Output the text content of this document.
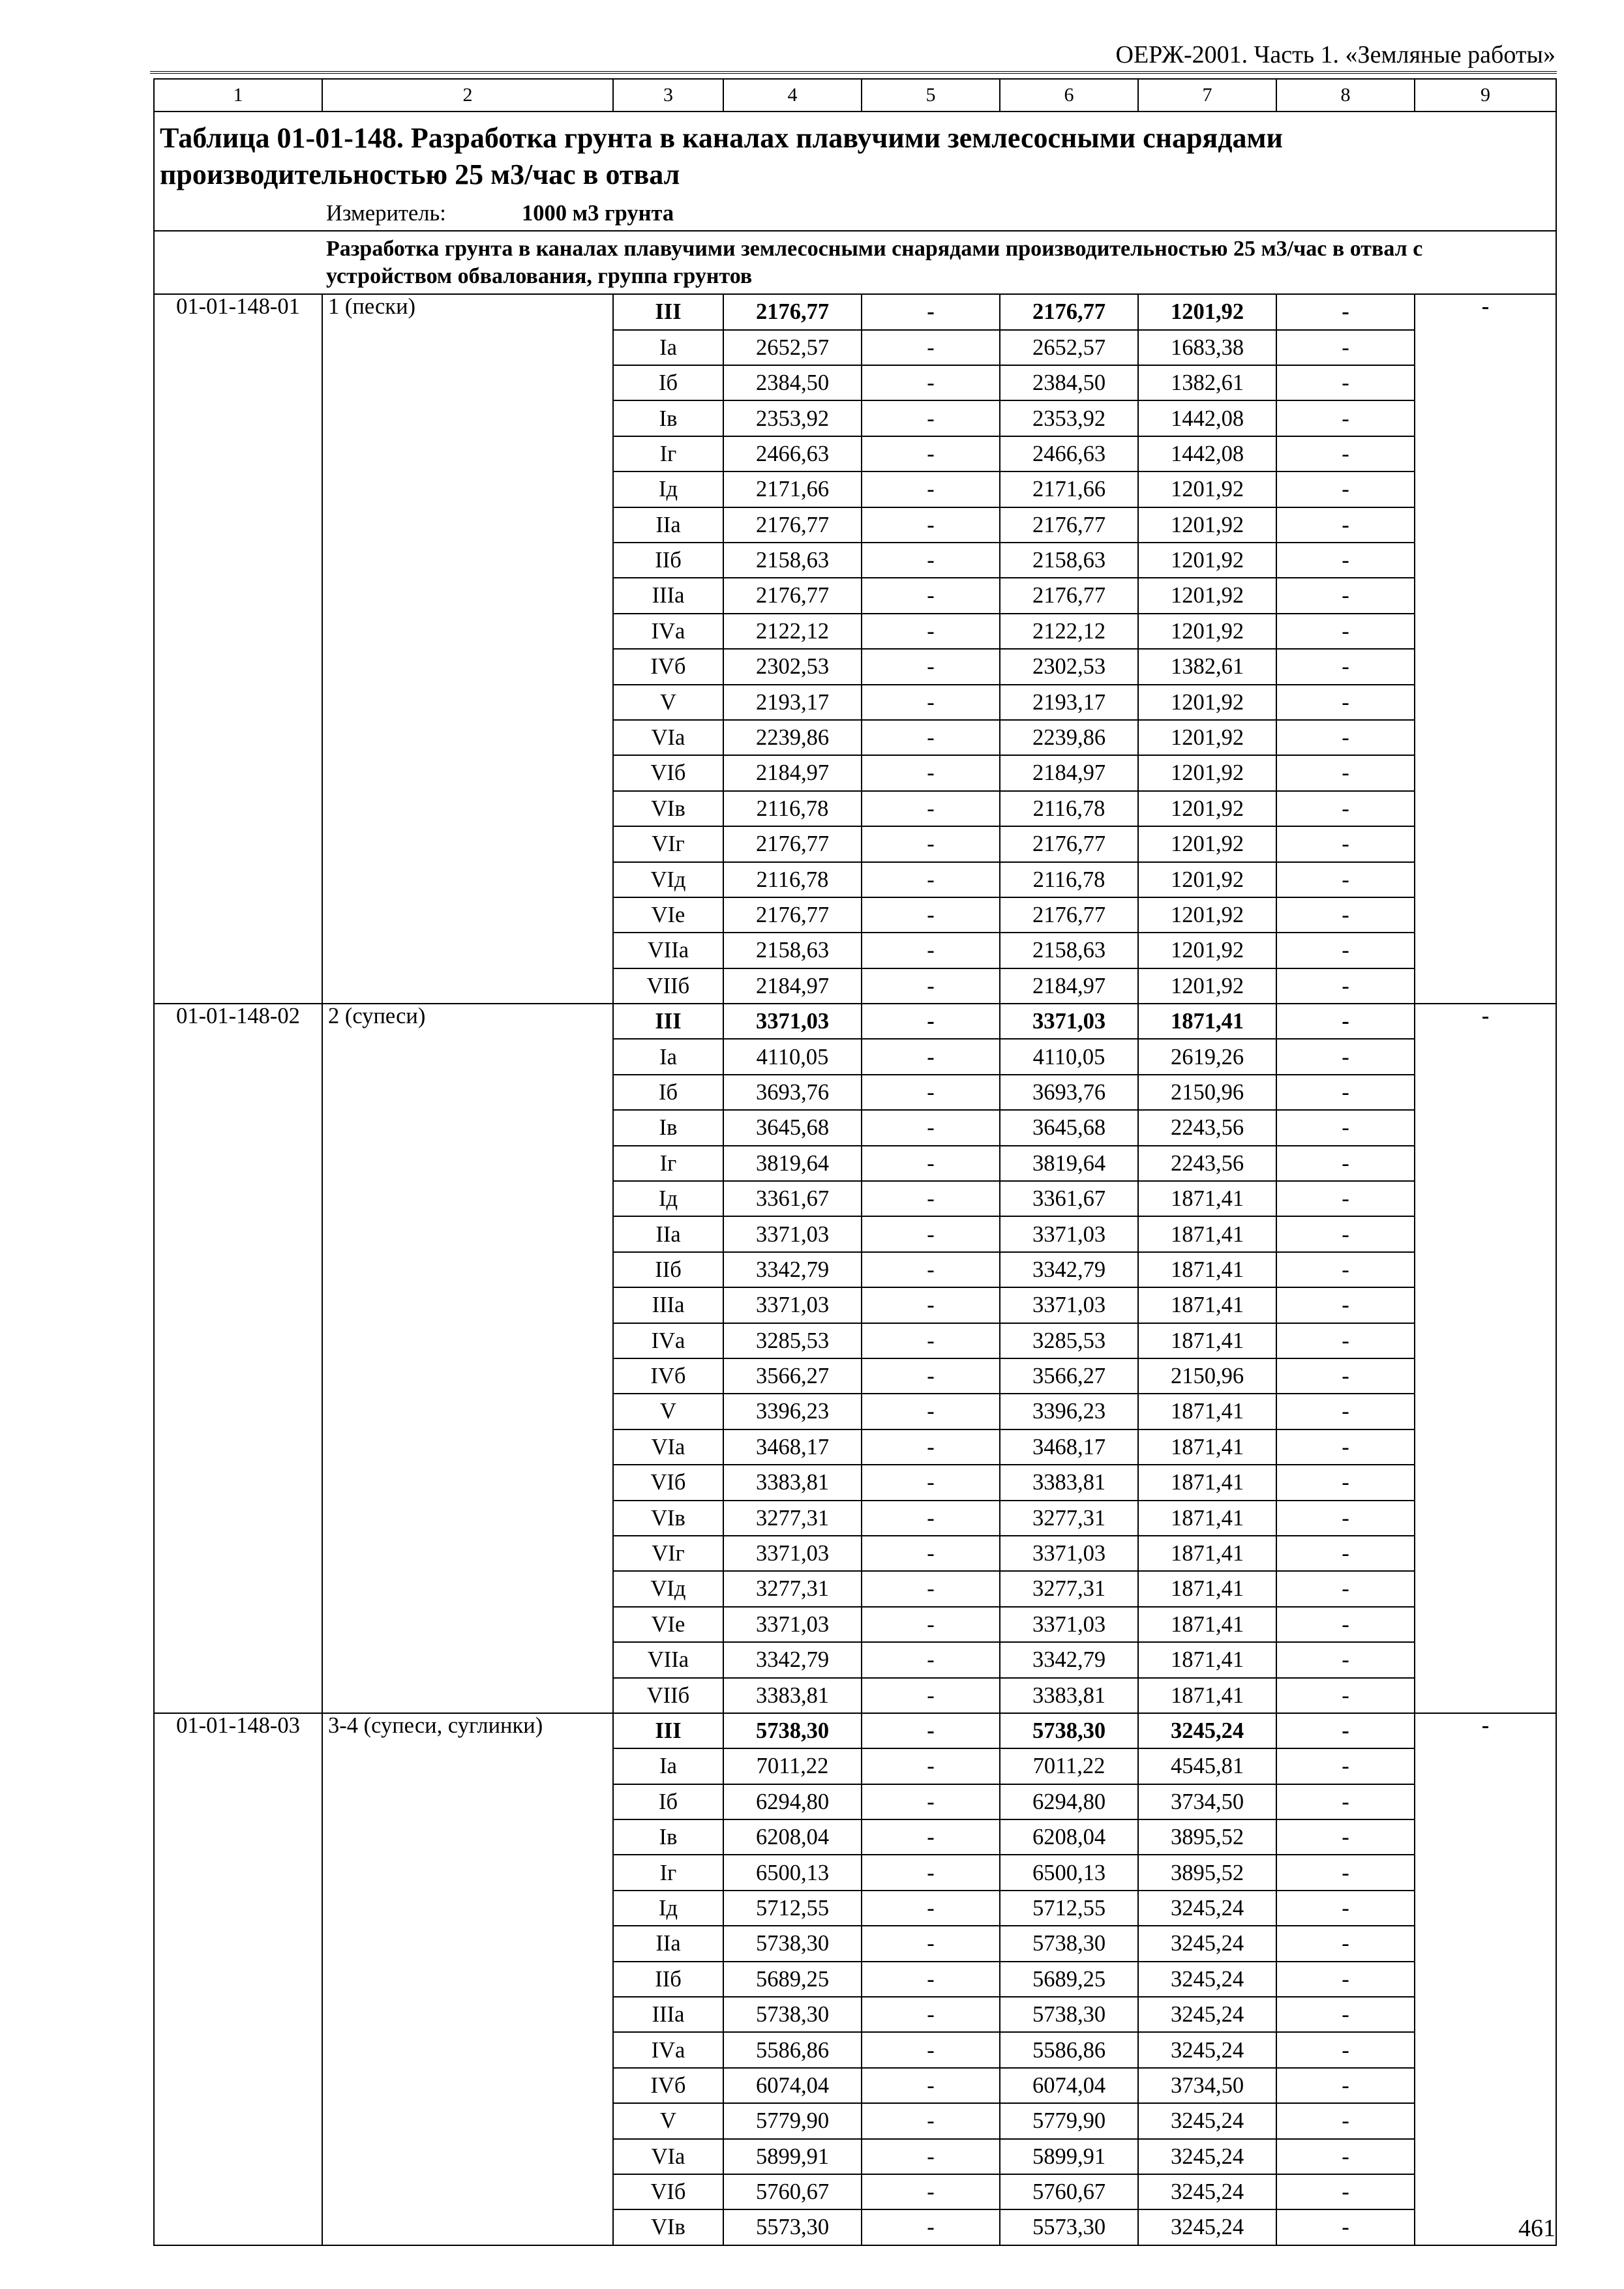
ОЕРЖ-2001. Часть 1. «Земляные работы»
1	2	3	4	5	6	7	8	9
Таблица 01-01-148. Разработка грунта в каналах плавучими землесосными снарядами производительностью 25 м3/час в отвал								
Измеритель: 1000 м3 грунта								

Разработка грунта в каналах плавучими землесосными снарядами производительностью 25 м3/час в отвал с устройством обвалования, группа грунтов								

01-01-148-01	1 (пески)	III	2176,77	-	2176,77	1201,92	-	-
		Iа	2652,57	-	2652,57	1683,38	-	
		Iб	2384,50	-	2384,50	1382,61	-	
		Iв	2353,92	-	2353,92	1442,08	-	
		Iг	2466,63	-	2466,63	1442,08	-	
		Iд	2171,66	-	2171,66	1201,92	-	
		IIа	2176,77	-	2176,77	1201,92	-	
		IIб	2158,63	-	2158,63	1201,92	-	
		IIIа	2176,77	-	2176,77	1201,92	-	
		IVа	2122,12	-	2122,12	1201,92	-	
		IVб	2302,53	-	2302,53	1382,61	-	
		V	2193,17	-	2193,17	1201,92	-	
		VIа	2239,86	-	2239,86	1201,92	-	
		VIб	2184,97	-	2184,97	1201,92	-	
		VIв	2116,78	-	2116,78	1201,92	-	
		VIг	2176,77	-	2176,77	1201,92	-	
		VIд	2116,78	-	2116,78	1201,92	-	
		VIе	2176,77	-	2176,77	1201,92	-	
		VIIа	2158,63	-	2158,63	1201,92	-	
		VIIб	2184,97	-	2184,97	1201,92	-	
01-01-148-02	2 (супеси)	III	3371,03	-	3371,03	1871,41	-	-
		Iа	4110,05	-	4110,05	2619,26	-	
		Iб	3693,76	-	3693,76	2150,96	-	
		Iв	3645,68	-	3645,68	2243,56	-	
		Iг	3819,64	-	3819,64	2243,56	-	
		Iд	3361,67	-	3361,67	1871,41	-	
		IIа	3371,03	-	3371,03	1871,41	-	
		IIб	3342,79	-	3342,79	1871,41	-	
		IIIа	3371,03	-	3371,03	1871,41	-	
		IVа	3285,53	-	3285,53	1871,41	-	
		IVб	3566,27	-	3566,27	2150,96	-	
		V	3396,23	-	3396,23	1871,41	-	
		VIа	3468,17	-	3468,17	1871,41	-	
		VIб	3383,81	-	3383,81	1871,41	-	
		VIв	3277,31	-	3277,31	1871,41	-	
		VIг	3371,03	-	3371,03	1871,41	-	
		VIд	3277,31	-	3277,31	1871,41	-	
		VIе	3371,03	-	3371,03	1871,41	-	
		VIIа	3342,79	-	3342,79	1871,41	-	
		VIIб	3383,81	-	3383,81	1871,41	-	
01-01-148-03	3-4 (супеси, суглинки)	III	5738,30	-	5738,30	3245,24	-	-
		Iа	7011,22	-	7011,22	4545,81	-	
		Iб	6294,80	-	6294,80	3734,50	-	
		Iв	6208,04	-	6208,04	3895,52	-	
		Iг	6500,13	-	6500,13	3895,52	-	
		Iд	5712,55	-	5712,55	3245,24	-	
		IIа	5738,30	-	5738,30	3245,24	-	
		IIб	5689,25	-	5689,25	3245,24	-	
		IIIа	5738,30	-	5738,30	3245,24	-	
		IVа	5586,86	-	5586,86	3245,24	-	
		IVб	6074,04	-	6074,04	3734,50	-	
		V	5779,90	-	5779,90	3245,24	-	
		VIа	5899,91	-	5899,91	3245,24	-	
		VIб	5760,67	-	5760,67	3245,24	-	
		VIв	5573,30	-	5573,30	3245,24	-		461
